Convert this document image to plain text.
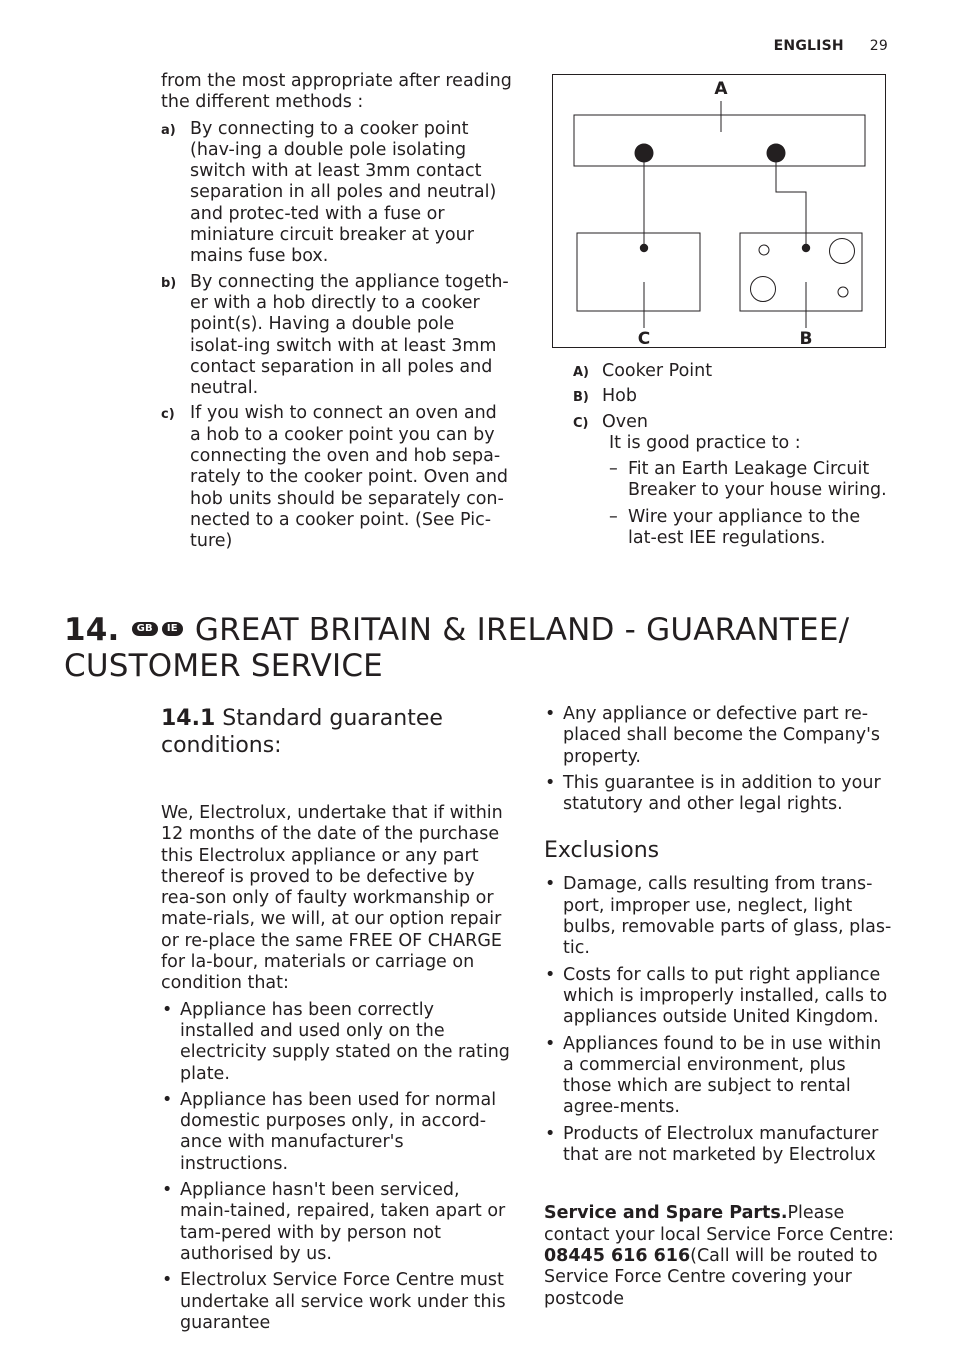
ENGLISH 29
from the most appropriate after reading the different methods :
a) By connecting to a cooker point (hav-ing a double pole isolating switch with at least 3mm contact separation in all poles and neutral) and protec-ted with a fuse or miniature circuit breaker at your mains fuse box.
b) By connecting the appliance togeth-er with a hob directly to a cooker point(s). Having a double pole isolat-ing switch with at least 3mm contact separation in all poles and neutral.
c) If you wish to connect an oven and a hob to a cooker point you can by connecting the oven and hob sepa-rately to the cooker point. Oven and hob units should be separately con-nected to a cooker point. (See Pic-ture)
A
C	B
A) Cooker Point
B) Hob
C) Oven
It is good practice to :
– Fit an Earth Leakage Circuit Breaker to your house wiring.
– Wire your appliance to the lat-est IEE regulations.
14. GB IE GREAT BRITAIN & IRELAND - GUARANTEE/ CUSTOMER SERVICE
14.1 Standard guarantee conditions:
We, Electrolux, undertake that if within 12 months of the date of the purchase this Electrolux appliance or any part thereof is proved to be defective by rea-son only of faulty workmanship or mate-rials, we will, at our option repair or re-place the same FREE OF CHARGE for la-bour, materials or carriage on condition that:
• Appliance has been correctly installed and used only on the electricity supply stated on the rating plate.
• Appliance has been used for normal domestic purposes only, in accord-ance with manufacturer's instructions.
• Appliance hasn't been serviced, main-tained, repaired, taken apart or tam-pered with by person not authorised by us.
• Electrolux Service Force Centre must undertake all service work under this guarantee
• Any appliance or defective part re-placed shall become the Company's property.
• This guarantee is in addition to your statutory and other legal rights.
Exclusions
• Damage, calls resulting from trans-port, improper use, neglect, light bulbs, removable parts of glass, plas-tic.
• Costs for calls to put right appliance which is improperly installed, calls to appliances outside United Kingdom.
• Appliances found to be in use within a commercial environment, plus those which are subject to rental agree-ments.
• Products of Electrolux manufacturer that are not marketed by Electrolux
Service and Spare Parts.Please contact your local Service Force Centre: 08445 616 616(Call will be routed to Service Force Centre covering your postcode
